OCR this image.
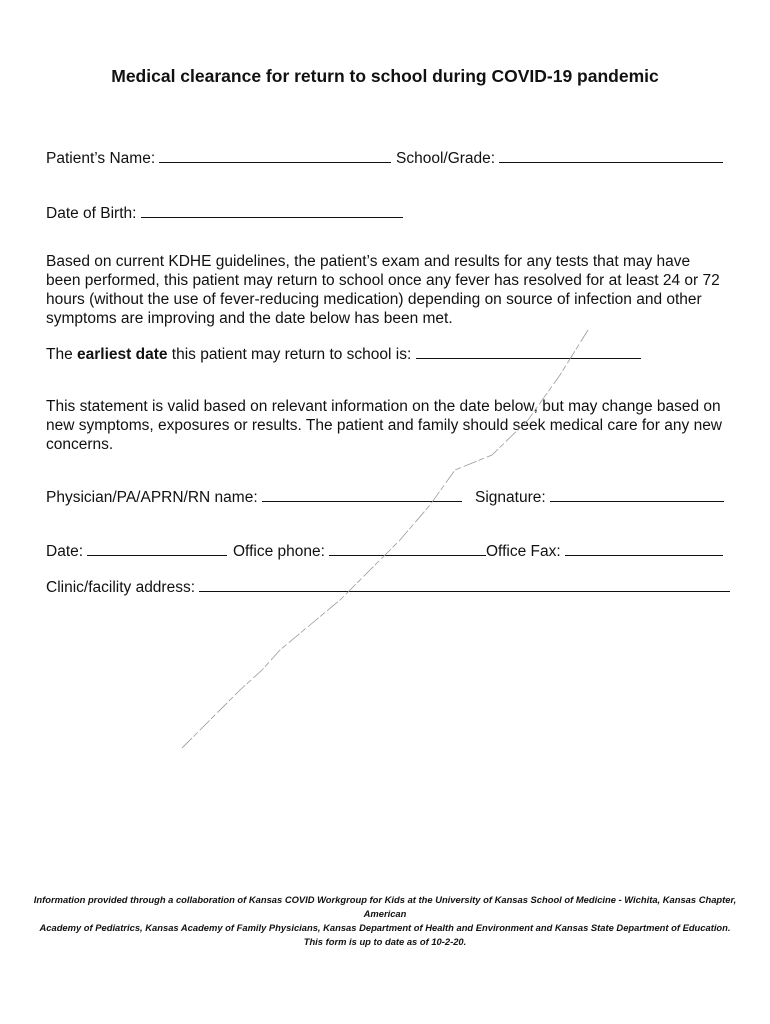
Medical clearance for return to school during COVID-19 pandemic
Patient’s Name:	School/Grade:
Date of Birth:
Based on current KDHE guidelines, the patient’s exam and results for any tests that may have been performed, this patient may return to school once any fever has resolved for at least 24 or 72 hours (without the use of fever-reducing medication) depending on source of infection and other symptoms are improving and the date below has been met.
The earliest date this patient may return to school is:
This statement is valid based on relevant information on the date below, but may change based on new symptoms, exposures or results. The patient and family should seek medical care for any new concerns.
Physician/PA/APRN/RN name:	Signature:
Date:	Office phone:	Office Fax:
Clinic/facility address:
Information provided through a collaboration of Kansas COVID Workgroup for Kids at the University of Kansas School of Medicine - Wichita, Kansas Chapter, American
Academy of Pediatrics, Kansas Academy of Family Physicians, Kansas Department of Health and Environment and Kansas State Department of Education.
This form is up to date as of 10-2-20.
